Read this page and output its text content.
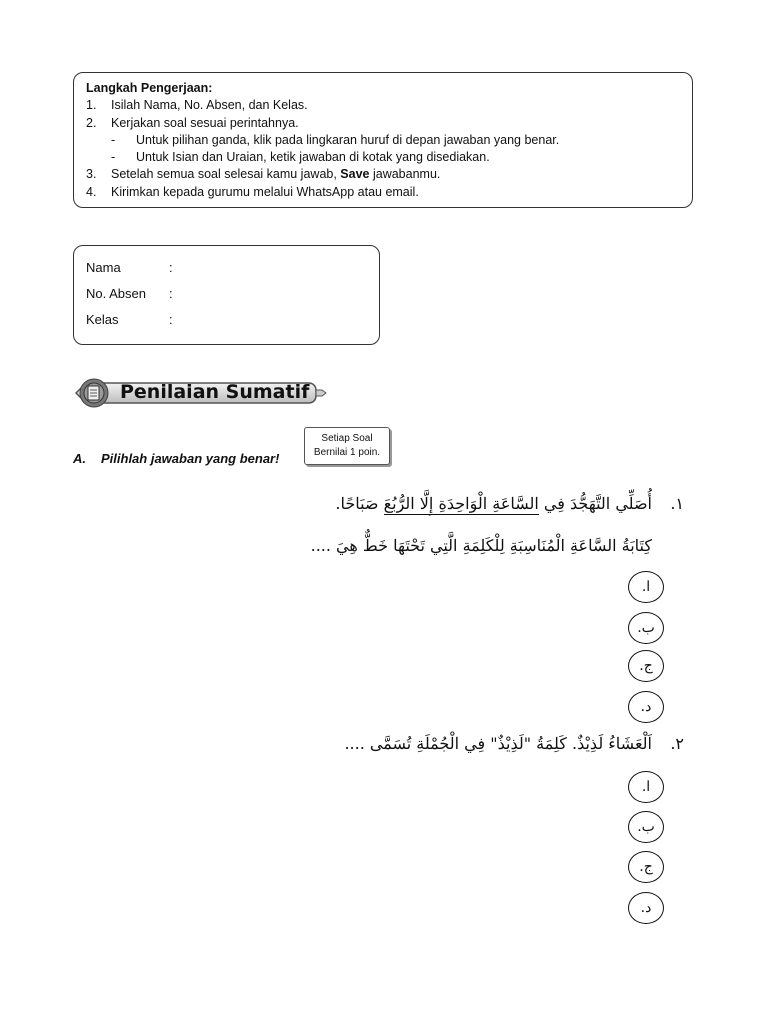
Langkah Pengerjaan:
1.	Isilah Nama, No. Absen, dan Kelas.
2.	Kerjakan soal sesuai perintahnya.
-	Untuk pilihan ganda, klik pada lingkaran huruf di depan jawaban yang benar.
-	Untuk Isian dan Uraian, ketik jawaban di kotak yang disediakan.
3.	Setelah semua soal selesai kamu jawab, Save jawabanmu.
4.	Kirimkan kepada gurumu melalui WhatsApp atau email.
Nama	:
No. Absen	:
Kelas	:
Penilaian Sumatif
Setiap Soal
Bernilai 1 poin.
A.	Pilihlah jawaban yang benar!
١.
أُصَلِّي التَّهَجُّدَ فِي السَّاعَةِ الْوَاحِدَةِ إِلَّا الرُّبُعَ صَبَاحًا.
كِتَابَةُ السَّاعَةِ الْمُنَاسِبَةِ لِلْكَلِمَةِ الَّتِي تَحْتَهَا خَطٌّ هِيَ ....
ا.
ب.
ج.
د.
٢.
اَلْعَشَاءُ لَذِيْذٌ. كَلِمَةُ "لَذِيْذٌ" فِي الْجُمْلَةِ تُسَمَّى ....
ا.
ب.
ج.
د.
